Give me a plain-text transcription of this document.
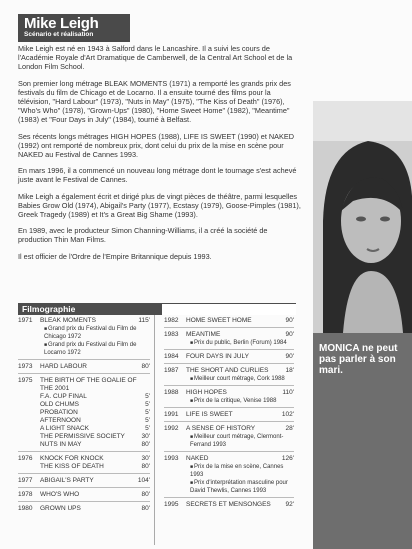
Mike Leigh
Scénario et réalisation

Mike Leigh est né en 1943 à Salford dans le Lancashire. Il a suivi les cours de l'Académie Royale d'Art Dramatique de Camberwell, de la Central Art School et de la London Film School.

Son premier long métrage BLEAK MOMENTS (1971) a remporté les grands prix des festivals du film de Chicago et de Locarno. Il a ensuite tourné des films pour la télévision, "Hard Labour" (1973), "Nuts in May" (1975), "The Kiss of Death" (1976), "Who's Who" (1978), "Grown-Ups" (1980), "Home Sweet Home" (1982), "Meantime" (1983) et "Four Days in July" (1984), tourné à Belfast.

Ses récents longs métrages HIGH HOPES (1988), LIFE IS SWEET (1990) et NAKED (1992) ont remporté de nombreux prix, dont celui du prix de la mise en scène pour NAKED au Festival de Cannes 1993.

En mars 1996, il a commencé un nouveau long métrage dont le tournage s'est achevé juste avant le Festival de Cannes.

Mike Leigh a également écrit et dirigé plus de vingt pièces de théâtre, parmi lesquelles Babies Grow Old (1974), Abigail's Party (1977), Ecstasy (1979), Goose-Pimples (1981), Greek Tragedy (1989) et It's a Great Big Shame (1993).

En 1989, avec le producteur Simon Channing-Williams, il a créé la société de production Thin Man Films.

Il est officier de l'Ordre de l'Empire Britannique depuis 1993.

MONICA ne peut pas parler à son mari.
Filmographie
1971	BLEAK MOMENTS	115'
■ Grand prix du Festival du Film de Chicago 1972
■ Grand prix du Festival du Film de Locarno 1972
1973	HARD LABOUR	80'
1975	THE BIRTH OF THE GOALIE OF THE 2001
F.A. CUP FINAL	5'
OLD CHUMS	5'
PROBATION	5'
AFTERNOON	5'
A LIGHT SNACK	5'
THE PERMISSIVE SOCIETY	30'
NUTS IN MAY	80'
1976	KNOCK FOR KNOCK	30'
THE KISS OF DEATH	80'
1977	ABIGAIL'S PARTY	104'
1978	WHO'S WHO	80'
1980	GROWN UPS	80'
1982	HOME SWEET HOME	90'
1983	MEANTIME	90'
■ Prix du public, Berlin (Forum) 1984
1984	FOUR DAYS IN JULY	90'
1987	THE SHORT AND CURLIES	18'
■ Meilleur court métrage, Cork 1988
1988	HIGH HOPES	110'
■ Prix de la critique, Venise 1988
1991	LIFE IS SWEET	102'
1992	A SENSE OF HISTORY	28'
■ Meilleur court métrage, Clermont-Ferrand 1993
1993	NAKED	126'
■ Prix de la mise en scène, Cannes 1993
■ Prix d'interprétation masculine pour David Thewlis, Cannes 1993
1995	SECRETS ET MENSONGES 92'
